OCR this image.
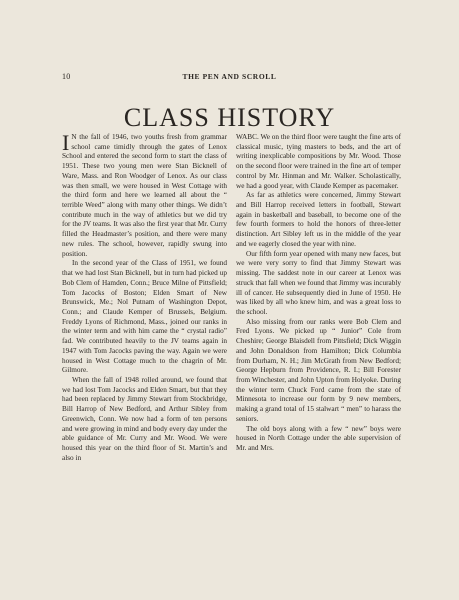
10	THE PEN AND SCROLL
CLASS HISTORY

I N the fall of 1946, two youths fresh from grammar school came timidly through the gates of Lenox School and entered the second form to start the class of 1951. These two young men were Stan Bicknell of Ware, Mass. and Ron Woodger of Lenox. As our class was then small, we were housed in West Cottage with the third form and here we learned all about the “ terrible Weed” along with many other things. We didn’t contribute much in the way of athletics but we did try for the JV teams. It was also the first year that Mr. Curry filled the Headmaster’s position, and there were many new rules. The school, however, rapidly swung into position.

In the second year of the Class of 1951, we found that we had lost Stan Bicknell, but in turn had picked up Bob Clem of Hamden, Conn.; Bruce Milne of Pittsfield; Tom Jacocks of Boston; Elden Smart of New Brunswick, Me.; Nol Putnam of Washington Depot, Conn.; and Claude Kemper of Brussels, Belgium. Freddy Lyons of Richmond, Mass., joined our ranks in the winter term and with him came the “ crystal radio” fad. We contributed heavily to the JV teams again in 1947 with Tom Jacocks paving the way. Again we were housed in West Cottage much to the chagrin of Mr. Gilmore.

When the fall of 1948 rolled around, we found that we had lost Tom Jacocks and Elden Smart, but that they had been replaced by Jimmy Stewart from Stockbridge, Bill Harrop of New Bedford, and Arthur Sibley from Greenwich, Conn. We now had a form of ten persons and were growing in mind and body every day under the able guidance of Mr. Curry and Mr. Wood. We were housed this year on the third floor of St. Martin’s and also in

WABC. We on the third floor were taught the fine arts of classical music, tying masters to beds, and the art of writing inexplicable compositions by Mr. Wood. Those on the second floor were trained in the fine art of temper control by Mr. Hinman and Mr. Walker. Scholastically, we had a good year, with Claude Kemper as pacemaker.

As far as athletics were concerned, Jimmy Stewart and Bill Harrop received letters in football, Stewart again in basketball and baseball, to become one of the few fourth formers to hold the honors of three-letter distinction. Art Sibley left us in the middle of the year and we eagerly closed the year with nine.

Our fifth form year opened with many new faces, but we were very sorry to find that Jimmy Stewart was missing. The saddest note in our career at Lenox was struck that fall when we found that Jimmy was incurably ill of cancer. He subsequently died in June of 1950. He was liked by all who knew him, and was a great loss to the school.

Also missing from our ranks were Bob Clem and Fred Lyons. We picked up “ Junior” Cole from Cheshire; George Blaisdell from Pittsfield; Dick Wiggin and John Donaldson from Hamilton; Dick Columbia from Durham, N. H.; Jim McGrath from New Bedford; George Hepburn from Providence, R. I.; Bill Forester from Winchester, and John Upton from Holyoke. During the winter term Chuck Ford came from the state of Minnesota to increase our form by 9 new members, making a grand total of 15 stalwart “ men” to harass the seniors.

The old boys along with a few “ new” boys were housed in North Cottage under the able supervision of Mr. and Mrs.
